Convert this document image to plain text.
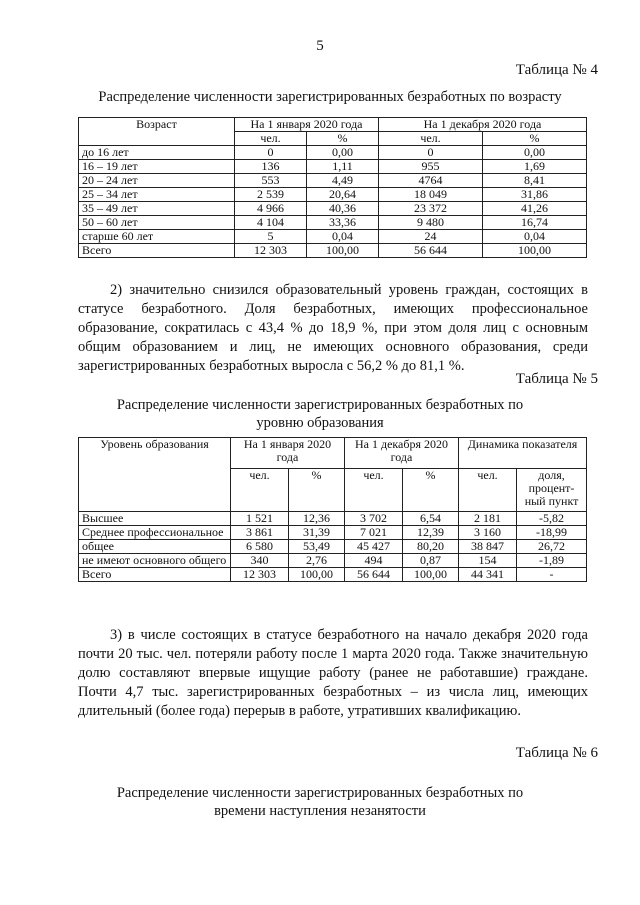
5
Таблица № 4
Распределение численности зарегистрированных безработных по возрасту
Возраст	На 1 января 2020 года		На 1 декабря 2020 года	
	чел.	%	чел.	%
до 16 лет	0	0,00	0	0,00
16 – 19 лет	136	1,11	955	1,69
20 – 24 лет	553	4,49	4764	8,41
25 – 34 лет	2 539	20,64	18 049	31,86
35 – 49 лет	4 966	40,36	23 372	41,26
50 – 60 лет	4 104	33,36	9 480	16,74
старше 60 лет	5	0,04	24	0,04
Всего	12 303	100,00	56 644	100,00

2) значительно снизился образовательный уровень граждан, состоящих в статусе безработного. Доля безработных, имеющих профессиональное образование, сократилась с 43,4 % до 18,9 %, при этом доля лиц с основным общим образованием и лиц, не имеющих основного образования, среди зарегистрированных безработных выросла с 56,2 % до 81,1 %.

Таблица № 5
Распределение численности зарегистрированных безработных по уровню образования
Уровень образования	На 1 января 2020 года		На 1 декабря 2020 года		Динамика показателя	
	чел.	%	чел.	%	чел.	доля, процент-ный пункт
Высшее	1 521	12,36	3 702	6,54	2 181	-5,82
Среднее профессиональное	3 861	31,39	7 021	12,39	3 160	-18,99
общее	6 580	53,49	45 427	80,20	38 847	26,72
не имеют основного общего	340	2,76	494	0,87	154	-1,89
Всего	12 303	100,00	56 644	100,00	44 341	-

3) в числе состоящих в статусе безработного на начало декабря 2020 года почти 20 тыс. чел. потеряли работу после 1 марта 2020 года. Также значительную долю составляют впервые ищущие работу (ранее не работавшие) граждане. Почти 4,7 тыс. зарегистрированных безработных – из числа лиц, имеющих длительный (более года) перерыв в работе, утративших квалификацию.

Таблица № 6
Распределение численности зарегистрированных безработных по времени наступления незанятости
